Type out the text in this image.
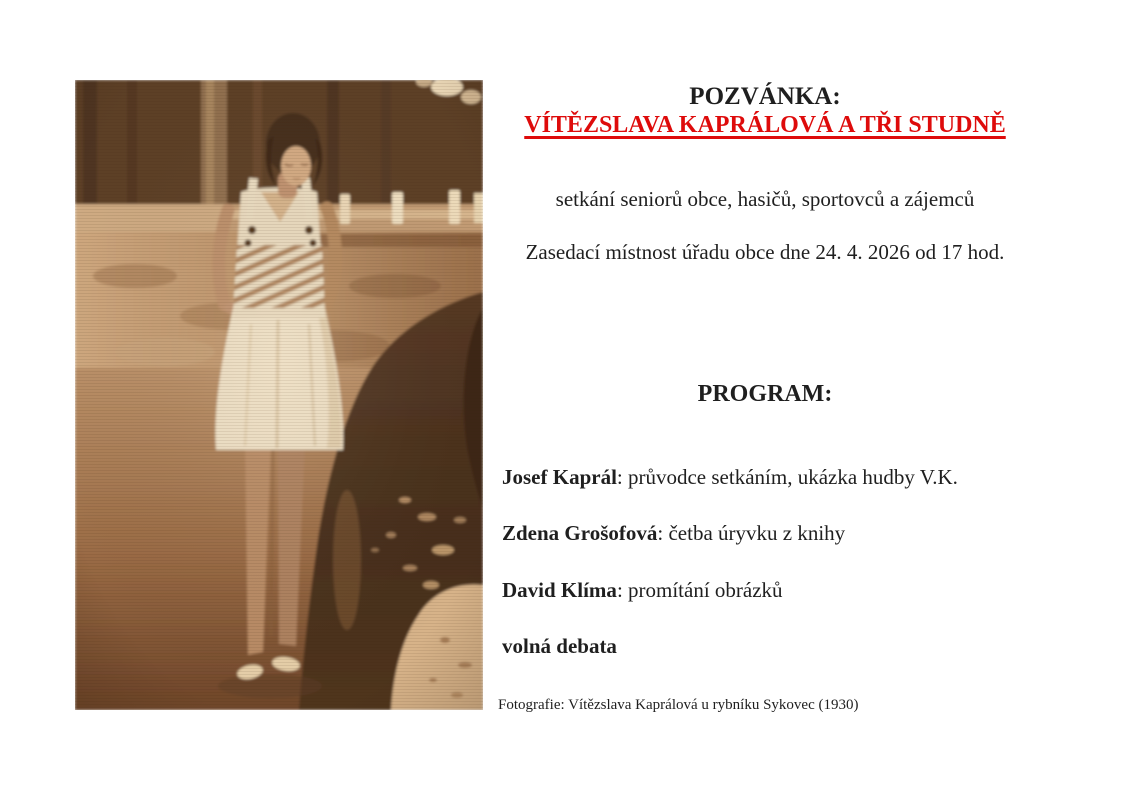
POZVÁNKA:
VÍTĚZSLAVA KAPRÁLOVÁ A TŘI STUDNĚ

setkání seniorů obce, hasičů, sportovců a zájemců

Zasedací místnost úřadu obce dne 24. 4. 2026 od 17 hod.

PROGRAM:
Josef Kaprál: průvodce setkáním, ukázka hudby V.K.
Zdena Grošofová: četba úryvku z knihy
David Klíma: promítání obrázků

volná debata

Fotografie: Vítězslava Kaprálová u rybníku Sykovec (1930)
